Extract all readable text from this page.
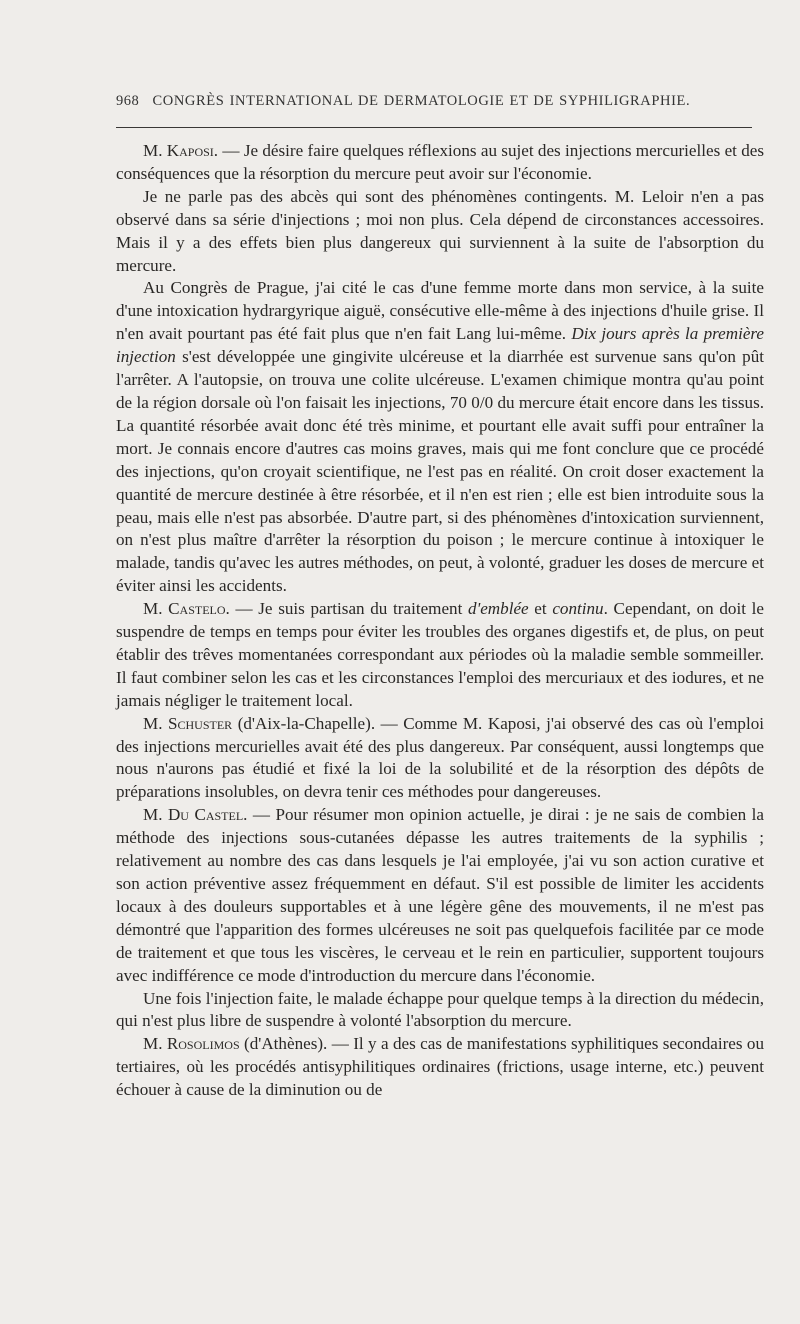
968 CONGRÈS INTERNATIONAL DE DERMATOLOGIE ET DE SYPHILIGRAPHIE.

M. Kaposi. — Je désire faire quelques réflexions au sujet des injections mercurielles et des conséquences que la résorption du mercure peut avoir sur l'économie.

Je ne parle pas des abcès qui sont des phénomènes contingents. M. Leloir n'en a pas observé dans sa série d'injections ; moi non plus. Cela dépend de circonstances accessoires. Mais il y a des effets bien plus dangereux qui surviennent à la suite de l'absorption du mercure.

Au Congrès de Prague, j'ai cité le cas d'une femme morte dans mon service, à la suite d'une intoxication hydrargyrique aiguë, consécutive elle-même à des injections d'huile grise. Il n'en avait pourtant pas été fait plus que n'en fait Lang lui-même. Dix jours après la première injection s'est développée une gingivite ulcéreuse et la diarrhée est survenue sans qu'on pût l'arrêter. A l'autopsie, on trouva une colite ulcéreuse. L'examen chimique montra qu'au point de la région dorsale où l'on faisait les injections, 70 0/0 du mercure était encore dans les tissus. La quantité résorbée avait donc été très minime, et pourtant elle avait suffi pour entraîner la mort. Je connais encore d'autres cas moins graves, mais qui me font conclure que ce procédé des injections, qu'on croyait scientifique, ne l'est pas en réalité. On croit doser exactement la quantité de mercure destinée à être résorbée, et il n'en est rien ; elle est bien introduite sous la peau, mais elle n'est pas absorbée. D'autre part, si des phénomènes d'intoxication surviennent, on n'est plus maître d'arrêter la résorption du poison ; le mercure continue à intoxiquer le malade, tandis qu'avec les autres méthodes, on peut, à volonté, graduer les doses de mercure et éviter ainsi les accidents.

M. Castelo. — Je suis partisan du traitement d'emblée et continu. Cependant, on doit le suspendre de temps en temps pour éviter les troubles des organes digestifs et, de plus, on peut établir des trêves momentanées correspondant aux périodes où la maladie semble sommeiller. Il faut combiner selon les cas et les circonstances l'emploi des mercuriaux et des iodures, et ne jamais négliger le traitement local.

M. Schuster (d'Aix-la-Chapelle). — Comme M. Kaposi, j'ai observé des cas où l'emploi des injections mercurielles avait été des plus dangereux. Par conséquent, aussi longtemps que nous n'aurons pas étudié et fixé la loi de la solubilité et de la résorption des dépôts de préparations insolubles, on devra tenir ces méthodes pour dangereuses.

M. Du Castel. — Pour résumer mon opinion actuelle, je dirai : je ne sais de combien la méthode des injections sous-cutanées dépasse les autres traitements de la syphilis ; relativement au nombre des cas dans lesquels je l'ai employée, j'ai vu son action curative et son action préventive assez fréquemment en défaut. S'il est possible de limiter les accidents locaux à des douleurs supportables et à une légère gêne des mouvements, il ne m'est pas démontré que l'apparition des formes ulcéreuses ne soit pas quelquefois facilitée par ce mode de traitement et que tous les viscères, le cerveau et le rein en particulier, supportent toujours avec indifférence ce mode d'introduction du mercure dans l'économie.

Une fois l'injection faite, le malade échappe pour quelque temps à la direction du médecin, qui n'est plus libre de suspendre à volonté l'absorption du mercure.

M. Rosolimos (d'Athènes). — Il y a des cas de manifestations syphilitiques secondaires ou tertiaires, où les procédés antisyphilitiques ordinaires (frictions, usage interne, etc.) peuvent échouer à cause de la diminution ou de
